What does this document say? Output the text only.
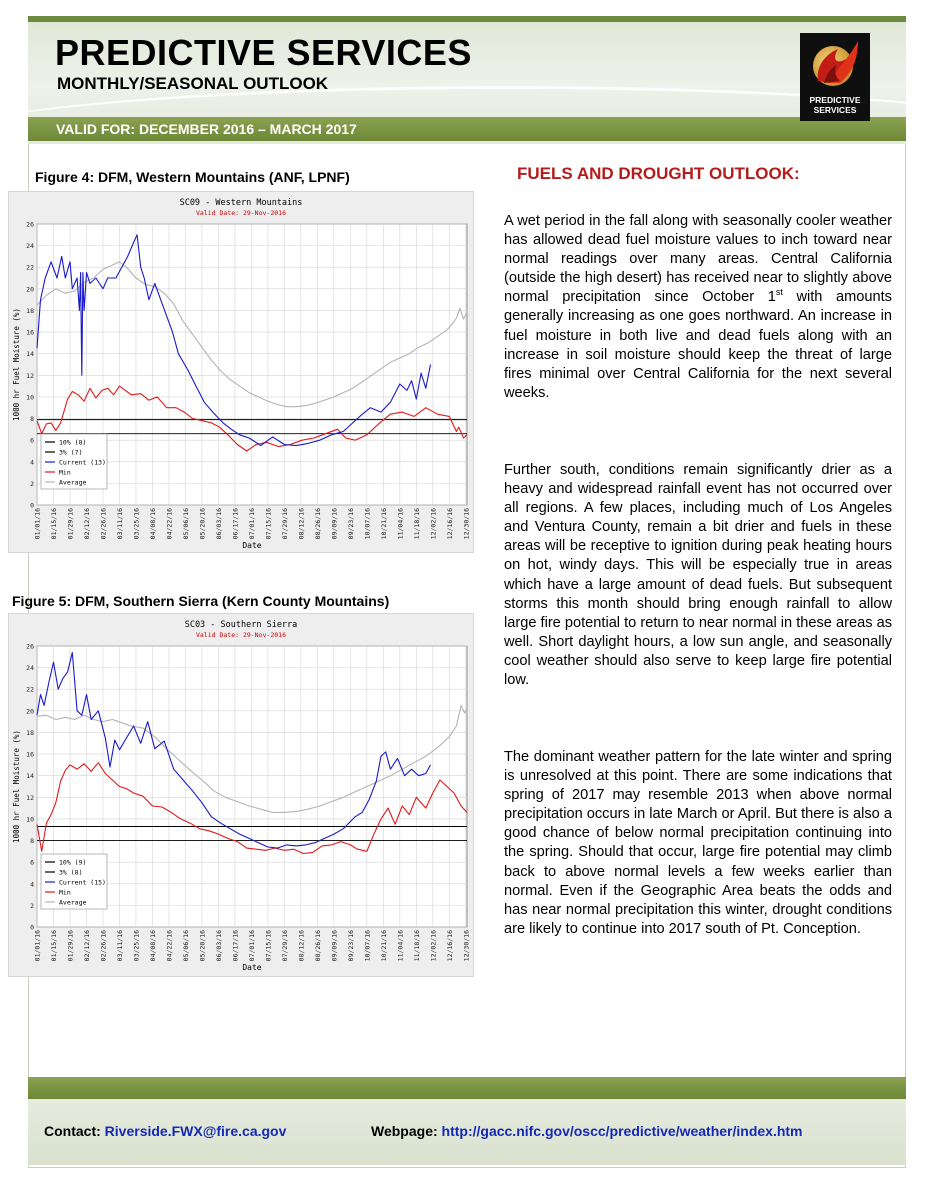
PREDICTIVE SERVICES
MONTHLY/SEASONAL OUTLOOK
VALID FOR: DECEMBER 2016 – MARCH 2017
PREDICTIVE
SERVICES
Figure 4: DFM, Western Mountains (ANF, LPNF)
SC09 - Western Mountains
Valid Date: 29-Nov-2016
0
2
4
6
8
10
12
14
16
18
20
22
24
26
01/01/16 01/15/16 01/29/16 02/12/16 02/26/16 03/11/16 03/25/16 04/08/16 04/22/16 05/06/16 05/20/16 06/03/16 06/17/16 07/01/16 07/15/16 07/29/16 08/12/16 08/26/16 09/09/16 09/23/16 10/07/16 10/21/16 11/04/16 11/18/16 12/02/16 12/16/16 12/30/16
10% (8)
3% (7)
Current (13)
Min
Average
1000 hr Fuel Moisture (%)
Date
Figure 5: DFM, Southern Sierra (Kern County Mountains)
SC03 - Southern Sierra
Valid Date: 29-Nov-2016
0
2
4
6
8
10
12
14
16
18
20
22
24
26
01/01/16 01/15/16 01/29/16 02/12/16 02/26/16 03/11/16 03/25/16 04/08/16 04/22/16 05/06/16 05/20/16 06/03/16 06/17/16 07/01/16 07/15/16 07/29/16 08/12/16 08/26/16 09/09/16 09/23/16 10/07/16 10/21/16 11/04/16 11/18/16 12/02/16 12/16/16 12/30/16
10% (9)
3% (8)
Current (15)
Min
Average
1000 hr Fuel Moisture (%)
Date
FUELS AND DROUGHT OUTLOOK:

A wet period in the fall along with seasonally cooler weather has allowed dead fuel moisture values to inch toward near normal readings over many areas. Central California (outside the high desert) has received near to slightly above normal precipitation since October 1st with amounts generally increasing as one goes northward. An increase in fuel moisture in both live and dead fuels along with an increase in soil moisture should keep the threat of large fires minimal over Central California for the next several weeks.

Further south, conditions remain significantly drier as a heavy and widespread rainfall event has not occurred over all regions. A few places, including much of Los Angeles and Ventura County, remain a bit drier and fuels in these areas will be receptive to ignition during peak heating hours on hot, windy days. This will be especially true in areas which have a large amount of dead fuels. But subsequent storms this month should bring enough rainfall to allow large fire potential to return to near normal in these areas as well. Short daylight hours, a low sun angle, and seasonally cool weather should also serve to keep large fire potential low.

The dominant weather pattern for the late winter and spring is unresolved at this point. There are some indications that spring of 2017 may resemble 2013 when above normal precipitation occurs in late March or April. But there is also a good chance of below normal precipitation continuing into the spring. Should that occur, large fire potential may climb back to above normal levels a few weeks earlier than normal. Even if the Geographic Area beats the odds and has near normal precipitation this winter, drought conditions are likely to continue into 2017 south of Pt. Conception.

Contact: Riverside.FWX@fire.ca.gov	Webpage: http://gacc.nifc.gov/oscc/predictive/weather/index.htm
